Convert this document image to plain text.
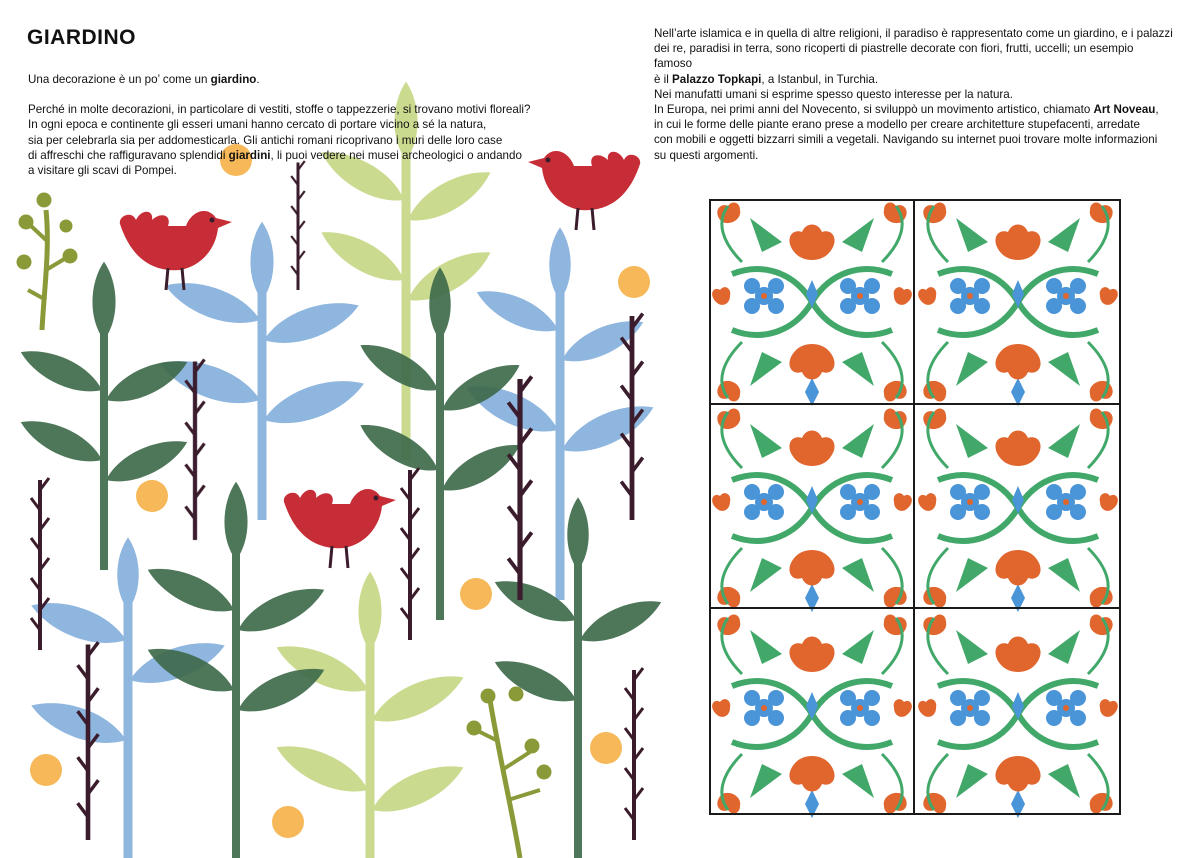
GIARDINO

Una decorazione è un po’ come un giardino.

Perché in molte decorazioni, in particolare di vestiti, stoffe o tappezzerie, si trovano motivi floreali?

In ogni epoca e continente gli esseri umani hanno cercato di portare vicino a sé la natura,

sia per celebrarla sia per addomesticarla. Gli antichi romani ricoprivano i muri delle loro case

di affreschi che raffiguravano splendidi giardini, li puoi vedere nei musei archeologici o andando

a visitare gli scavi di Pompei.

Nell’arte islamica e in quella di altre religioni, il paradiso è rappresentato come un giardino, e i palazzi

dei re, paradisi in terra, sono ricoperti di piastrelle decorate con fiori, frutti, uccelli; un esempio famoso

è il Palazzo Topkapi, a Istanbul, in Turchia.

Nei manufatti umani si esprime spesso questo interesse per la natura.

In Europa, nei primi anni del Novecento, si sviluppò un movimento artistico, chiamato Art Noveau,

in cui le forme delle piante erano prese a modello per creare architetture stupefacenti, arredate

con mobili e oggetti bizzarri simili a vegetali. Navigando su internet puoi trovare molte informazioni

su questi argomenti.
